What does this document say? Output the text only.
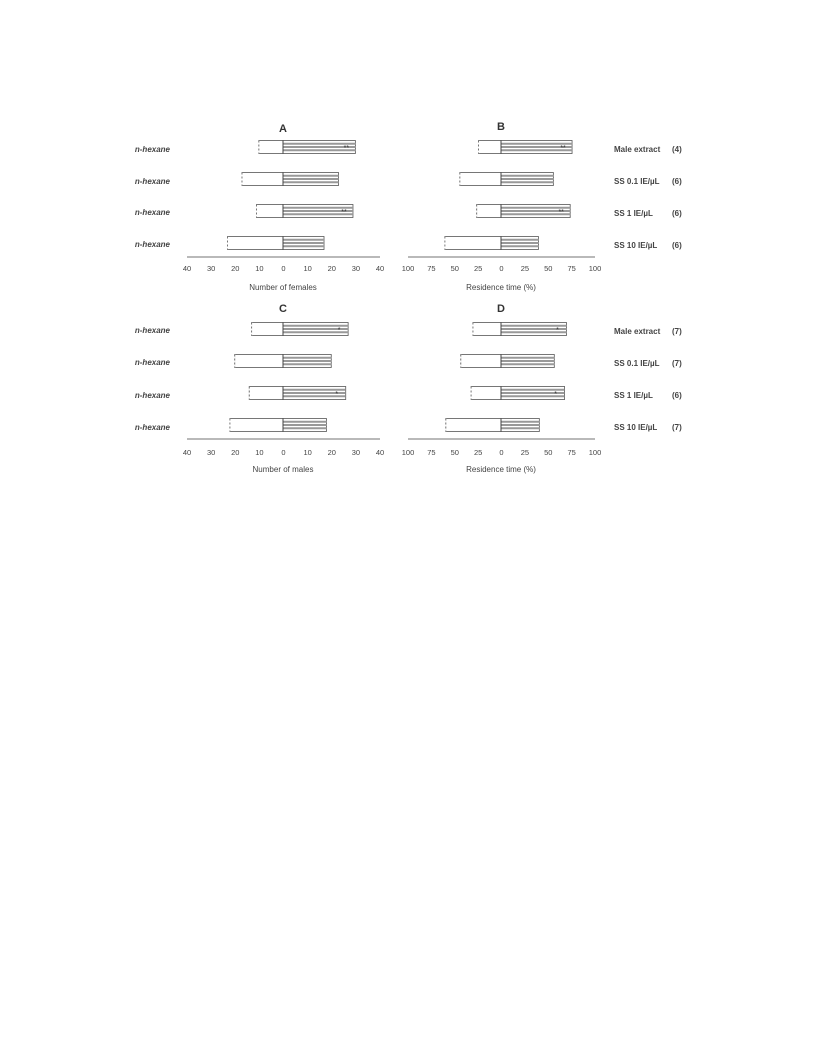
A	B
C	D
n-hexane
n-hexane
n-hexane
n-hexane
n-hexane
n-hexane
n-hexane
n-hexane
Male extract (4)
SS 0.1 IE/µL (6)
SS 1 IE/µL (6)
SS 10 IE/µL (6)
Male extract (7)
SS 0.1 IE/µL (7)
SS 1 IE/µL (6)
SS 10 IE/µL (7)
**
**
40 30 20 10 0 10 20 30 40
Number of females
**
**
100 75 50 25 0 25 50 75 100
Residence time (%)
*
*
40 30 20 10 0 10 20 30 40
Number of males
*
*
100 75 50 25 0 25 50 75 100
Residence time (%)
